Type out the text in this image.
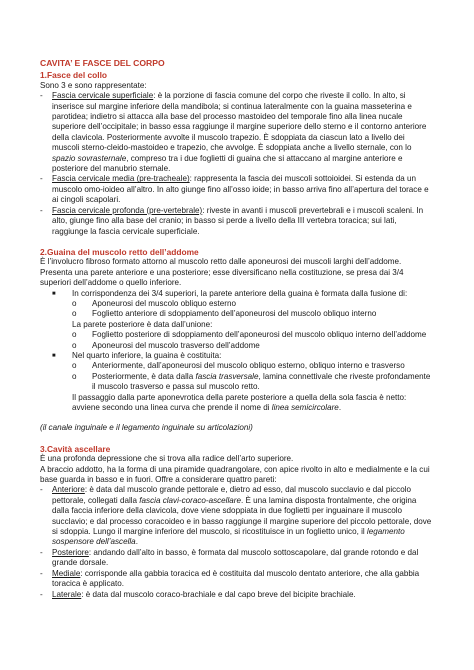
CAVITA’ E FASCE DEL CORPO
1.Fasce del collo
Sono 3 e sono rappresentate:
-	Fascia cervicale superficiale: è la porzione di fascia comune del corpo che riveste il collo. In alto, si inserisce sul margine inferiore della mandibola; si continua lateralmente con la guaina masseterina e parotidea; indietro si attacca alla base del processo mastoideo del temporale fino alla linea nucale superiore dell’occipitale; in basso essa raggiunge il margine superiore dello sterno e il contorno anteriore della clavicola. Posteriormente avvolte il muscolo trapezio. È sdoppiata da ciascun lato a livello dei muscoli sterno-cleido-mastoideo e trapezio, che avvolge. È sdoppiata anche a livello sternale, con lo spazio sovrasternale, compreso tra i due foglietti di guaina che si attaccano al margine anteriore e posteriore del manubrio sternale.
-	Fascia cervicale media (pre-tracheale): rappresenta la fascia dei muscoli sottoioidei. Si estenda da un muscolo omo-ioideo all’altro. In alto giunge fino all’osso ioide; in basso arriva fino all’apertura del torace e ai cingoli scapolari.
-	Fascia cervicale profonda (pre-vertebrale): riveste in avanti i muscoli prevertebrali e i muscoli scaleni. In alto, giunge fino alla base del cranio; in basso si perde a livello della III vertebra toracica; sui lati, raggiunge la fascia cervicale superficiale.
2.Guaina del muscolo retto dell’addome
È l’involucro fibroso formato attorno al muscolo retto dalle aponeurosi dei muscoli larghi dell’addome. Presenta una parete anteriore e una posteriore; esse diversificano nella costituzione, se presa dai 3/4 superiori dell’addome o quello inferiore.
■	In corrispondenza dei 3/4 superiori, la parete anteriore della guaina è formata dalla fusione di:
o	Aponeurosi del muscolo obliquo esterno
o	Foglietto anteriore di sdoppiamento dell’aponeurosi del muscolo obliquo interno
La parete posteriore è data dall’unione:
o	Foglietto posteriore di sdoppiamento dell’aponeurosi del muscolo obliquo interno dell’addome
o	Aponeurosi del muscolo trasverso dell’addome
■	Nel quarto inferiore, la guaina è costituita:
o	Anteriormente, dall’aponeurosi del muscolo obliquo esterno, obliquo interno e trasverso
o	Posteriormente, è data dalla fascia trasversale, lamina connettivale che riveste profondamente il muscolo trasverso e passa sul muscolo retto.
Il passaggio dalla parte aponevrotica della parete posteriore a quella della sola fascia è netto: avviene secondo una linea curva che prende il nome di linea semicircolare.
(il canale inguinale e il legamento inguinale su articolazioni)
3.Cavità ascellare
È una profonda depressione che si trova alla radice dell’arto superiore.
A braccio addotto, ha la forma di una piramide quadrangolare, con apice rivolto in alto e medialmente e la cui base guarda in basso e in fuori. Offre a considerare quattro pareti:
-	Anteriore: è data dal muscolo grande pettorale e, dietro ad esso, dal muscolo succlavio e dal piccolo pettorale, collegati dalla fascia clavi-coraco-ascellare. È una lamina disposta frontalmente, che origina dalla faccia inferiore della clavicola, dove viene sdoppiata in due foglietti per inguainare il muscolo succlavio; e dal processo coracoideo e in basso raggiunge il margine superiore del piccolo pettorale, dove si sdoppia. Lungo il margine inferiore del muscolo, si ricostituisce in un foglietto unico, il legamento sospensore dell’ascella.
-	Posteriore: andando dall’alto in basso, è formata dal muscolo sottoscapolare, dal grande rotondo e dal grande dorsale.
-	Mediale: corrisponde alla gabbia toracica ed è costituita dal muscolo dentato anteriore, che alla gabbia toracica è applicato.
-	Laterale: è data dal muscolo coraco-brachiale e dal capo breve del bicipite brachiale.
